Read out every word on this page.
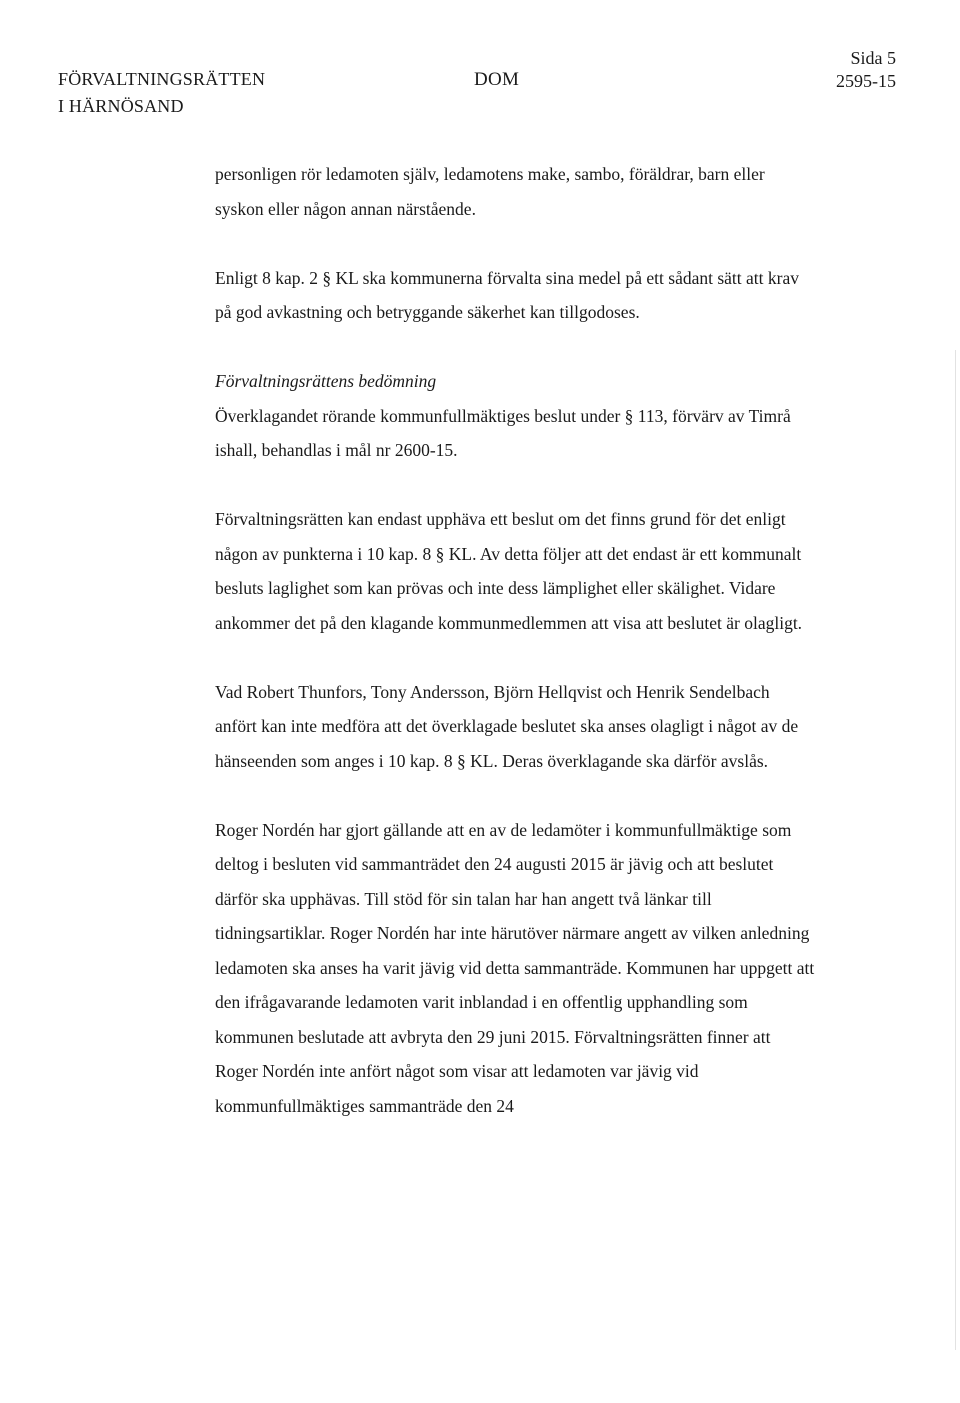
FÖRVALTNINGSRÄTTEN
I HÄRNÖSAND
DOM
Sida 5
2595-15

personligen rör ledamoten själv, ledamotens make, sambo, föräldrar, barn eller syskon eller någon annan närstående.

Enligt 8 kap. 2 § KL ska kommunerna förvalta sina medel på ett sådant sätt att krav på god avkastning och betryggande säkerhet kan tillgodoses.

Förvaltningsrättens bedömning
Överklagandet rörande kommunfullmäktiges beslut under § 113, förvärv av Timrå ishall, behandlas i mål nr 2600-15.

Förvaltningsrätten kan endast upphäva ett beslut om det finns grund för det enligt någon av punkterna i 10 kap. 8 § KL. Av detta följer att det endast är ett kommunalt besluts laglighet som kan prövas och inte dess lämplighet eller skälighet. Vidare ankommer det på den klagande kommunmedlemmen att visa att beslutet är olagligt.

Vad Robert Thunfors, Tony Andersson, Björn Hellqvist och Henrik Sendelbach anfört kan inte medföra att det överklagade beslutet ska anses olagligt i något av de hänseenden som anges i 10 kap. 8 § KL. Deras överklagande ska därför avslås.

Roger Nordén har gjort gällande att en av de ledamöter i kommunfullmäktige som deltog i besluten vid sammanträdet den 24 augusti 2015 är jävig och att beslutet därför ska upphävas. Till stöd för sin talan har han angett två länkar till tidningsartiklar. Roger Nordén har inte härutöver närmare angett av vilken anledning ledamoten ska anses ha varit jävig vid detta sammanträde. Kommunen har uppgett att den ifrågavarande ledamoten varit inblandad i en offentlig upphandling som kommunen beslutade att avbryta den 29 juni 2015. Förvaltningsrätten finner att Roger Nordén inte anfört något som visar att ledamoten var jävig vid kommunfullmäktiges sammanträde den 24
